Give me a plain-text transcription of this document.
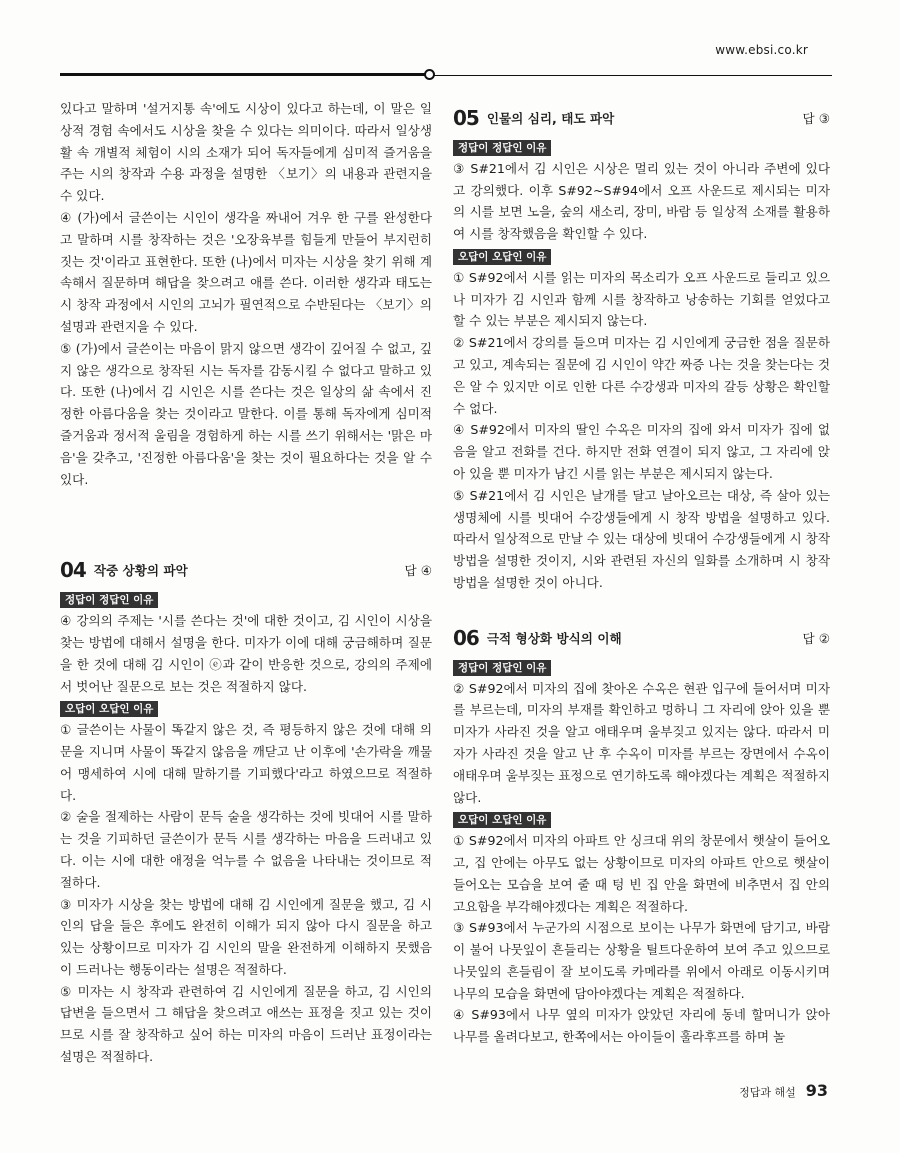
www.ebsi.co.kr

있다고 말하며 '설거지통 속'에도 시상이 있다고 하는데, 이 말은 일상적 경험 속에서도 시상을 찾을 수 있다는 의미이다. 따라서 일상생활 속 개별적 체험이 시의 소재가 되어 독자들에게 심미적 즐거움을 주는 시의 창작과 수용 과정을 설명한 〈보기〉의 내용과 관련지을 수 있다.

④ (가)에서 글쓴이는 시인이 생각을 짜내어 겨우 한 구를 완성한다고 말하며 시를 창작하는 것은 '오장육부를 힘들게 만들어 부지런히 짓는 것'이라고 표현한다. 또한 (나)에서 미자는 시상을 찾기 위해 계속해서 질문하며 해답을 찾으려고 애를 쓴다. 이러한 생각과 태도는 시 창작 과정에서 시인의 고뇌가 필연적으로 수반된다는 〈보기〉의 설명과 관련지을 수 있다.

⑤ (가)에서 글쓴이는 마음이 맑지 않으면 생각이 깊어질 수 없고, 깊지 않은 생각으로 창작된 시는 독자를 감동시킬 수 없다고 말하고 있다. 또한 (나)에서 김 시인은 시를 쓴다는 것은 일상의 삶 속에서 진정한 아름다움을 찾는 것이라고 말한다. 이를 통해 독자에게 심미적 즐거움과 정서적 울림을 경험하게 하는 시를 쓰기 위해서는 '맑은 마음'을 갖추고, '진정한 아름다움'을 찾는 것이 필요하다는 것을 알 수 있다.

04 작중 상황의 파악	답 ④
정답이 정답인 이유

④ 강의의 주제는 '시를 쓴다는 것'에 대한 것이고, 김 시인이 시상을 찾는 방법에 대해서 설명을 한다. 미자가 이에 대해 궁금해하며 질문을 한 것에 대해 김 시인이 ⓔ과 같이 반응한 것으로, 강의의 주제에서 벗어난 질문으로 보는 것은 적절하지 않다.

오답이 오답인 이유

① 글쓴이는 사물이 똑같지 않은 것, 즉 평등하지 않은 것에 대해 의문을 지니며 사물이 똑같지 않음을 깨닫고 난 이후에 '손가락을 깨물어 맹세하여 시에 대해 말하기를 기피했다'라고 하였으므로 적절하다.

② 술을 절제하는 사람이 문득 술을 생각하는 것에 빗대어 시를 말하는 것을 기피하던 글쓴이가 문득 시를 생각하는 마음을 드러내고 있다. 이는 시에 대한 애정을 억누를 수 없음을 나타내는 것이므로 적절하다.

③ 미자가 시상을 찾는 방법에 대해 김 시인에게 질문을 했고, 김 시인의 답을 들은 후에도 완전히 이해가 되지 않아 다시 질문을 하고 있는 상황이므로 미자가 김 시인의 말을 완전하게 이해하지 못했음이 드러나는 행동이라는 설명은 적절하다.

⑤ 미자는 시 창작과 관련하여 김 시인에게 질문을 하고, 김 시인의 답변을 들으면서 그 해답을 찾으려고 애쓰는 표정을 짓고 있는 것이므로 시를 잘 창작하고 싶어 하는 미자의 마음이 드러난 표정이라는 설명은 적절하다.

05 인물의 심리, 태도 파악	답 ③
정답이 정답인 이유

③ S#21에서 김 시인은 시상은 멀리 있는 것이 아니라 주변에 있다고 강의했다. 이후 S#92~S#94에서 오프 사운드로 제시되는 미자의 시를 보면 노을, 숲의 새소리, 장미, 바람 등 일상적 소재를 활용하여 시를 창작했음을 확인할 수 있다.

오답이 오답인 이유

① S#92에서 시를 읽는 미자의 목소리가 오프 사운드로 들리고 있으나 미자가 김 시인과 함께 시를 창작하고 낭송하는 기회를 얻었다고 할 수 있는 부분은 제시되지 않는다.

② S#21에서 강의를 들으며 미자는 김 시인에게 궁금한 점을 질문하고 있고, 계속되는 질문에 김 시인이 약간 짜증 나는 것을 찾는다는 것은 알 수 있지만 이로 인한 다른 수강생과 미자의 갈등 상황은 확인할 수 없다.

④ S#92에서 미자의 딸인 수옥은 미자의 집에 와서 미자가 집에 없음을 알고 전화를 건다. 하지만 전화 연결이 되지 않고, 그 자리에 앉아 있을 뿐 미자가 남긴 시를 읽는 부분은 제시되지 않는다.

⑤ S#21에서 김 시인은 날개를 달고 날아오르는 대상, 즉 살아 있는 생명체에 시를 빗대어 수강생들에게 시 창작 방법을 설명하고 있다. 따라서 일상적으로 만날 수 있는 대상에 빗대어 수강생들에게 시 창작 방법을 설명한 것이지, 시와 관련된 자신의 일화를 소개하며 시 창작 방법을 설명한 것이 아니다.

06 극적 형상화 방식의 이해	답 ②
정답이 정답인 이유

② S#92에서 미자의 집에 찾아온 수옥은 현관 입구에 들어서며 미자를 부르는데, 미자의 부재를 확인하고 멍하니 그 자리에 앉아 있을 뿐 미자가 사라진 것을 알고 애태우며 울부짖고 있지는 않다. 따라서 미자가 사라진 것을 알고 난 후 수옥이 미자를 부르는 장면에서 수옥이 애태우며 울부짖는 표정으로 연기하도록 해야겠다는 계획은 적절하지 않다.

오답이 오답인 이유

① S#92에서 미자의 아파트 안 싱크대 위의 창문에서 햇살이 들어오고, 집 안에는 아무도 없는 상황이므로 미자의 아파트 안으로 햇살이 들어오는 모습을 보여 줄 때 텅 빈 집 안을 화면에 비추면서 집 안의 고요함을 부각해야겠다는 계획은 적절하다.

③ S#93에서 누군가의 시점으로 보이는 나무가 화면에 담기고, 바람이 불어 나뭇잎이 흔들리는 상황을 틸트다운하여 보여 주고 있으므로 나뭇잎의 흔들림이 잘 보이도록 카메라를 위에서 아래로 이동시키며 나무의 모습을 화면에 담아야겠다는 계획은 적절하다.

④ S#93에서 나무 옆의 미자가 앉았던 자리에 동네 할머니가 앉아 나무를 올려다보고, 한쪽에서는 아이들이 훌라후프를 하며 놀

정답과 해설 93
